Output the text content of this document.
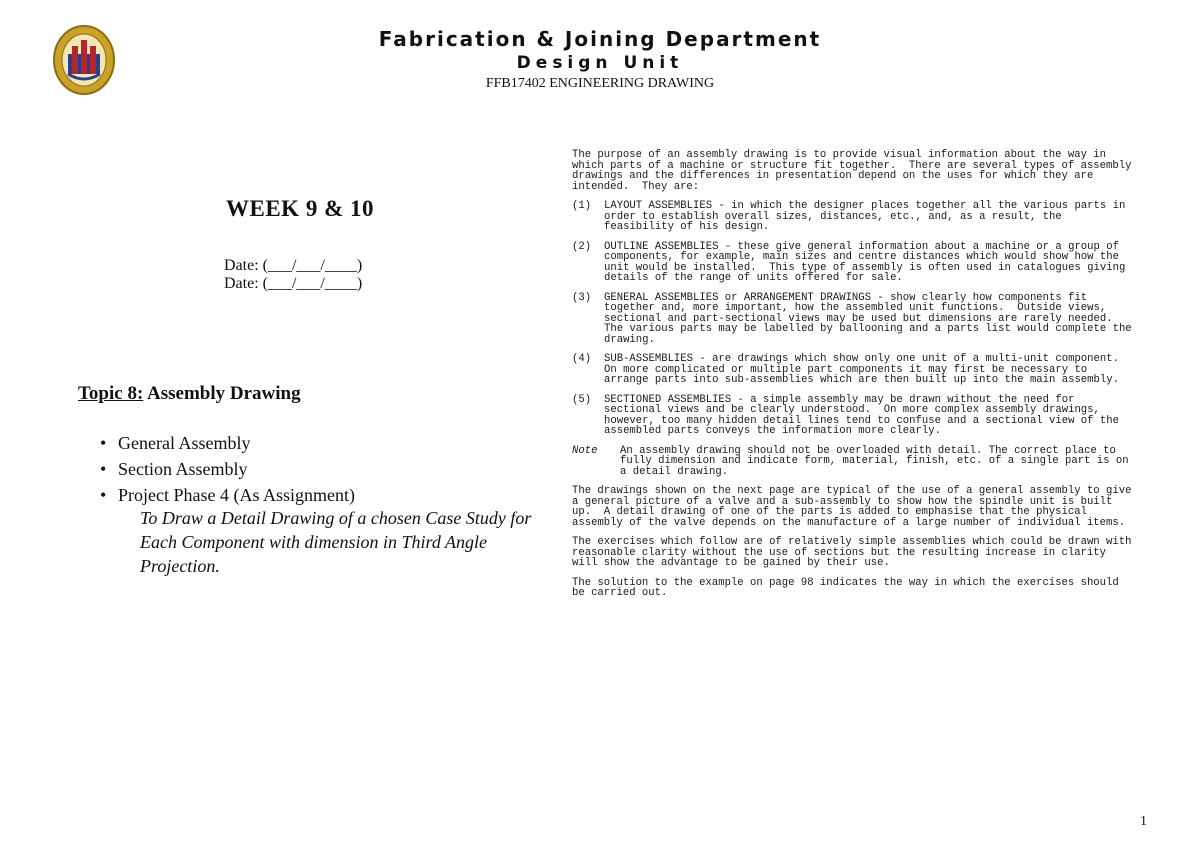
Fabrication & Joining Department
Design Unit
FFB17402 ENGINEERING DRAWING
WEEK 9 & 10
Date: (___/___/____)
Date: (___/___/____)
Topic 8: Assembly Drawing
• General Assembly
• Section Assembly
• Project Phase 4 (As Assignment)
To Draw a Detail Drawing of a chosen Case Study for Each Component with dimension in Third Angle Projection.

The purpose of an assembly drawing is to provide visual information about the way in which parts of a machine or structure fit together.  There are several types of assembly drawings and the differences in presentation depend on the uses for which they are intended.  They are:

(1)	LAYOUT ASSEMBLIES - in which the designer places together all the various parts in order to establish overall sizes, distances, etc., and, as a result, the feasibility of his design.
(2)	OUTLINE ASSEMBLIES - these give general information about a machine or a group of components, for example, main sizes and centre distances which would show how the unit would be installed.  This type of assembly is often used in catalogues giving details of the range of units offered for sale.
(3)	GENERAL ASSEMBLIES or ARRANGEMENT DRAWINGS - show clearly how components fit together and, more important, how the assembled unit functions.  Outside views, sectional and part-sectional views may be used but dimensions are rarely needed.  The various parts may be labelled by ballooning and a parts list would complete the drawing.
(4)	SUB-ASSEMBLIES - are drawings which show only one unit of a multi-unit component.  On more complicated or multiple part components it may first be necessary to arrange parts into sub-assemblies which are then built up into the main assembly.
(5)	SECTIONED ASSEMBLIES - a simple assembly may be drawn without the need for sectional views and be clearly understood.  On more complex assembly drawings, however, too many hidden detail lines tend to confuse and a sectional view of the assembled parts conveys the information more clearly.
Note	An assembly drawing should not be overloaded with detail. The correct place to fully dimension and indicate form, material, finish, etc. of a single part is on a detail drawing.

The drawings shown on the next page are typical of the use of a general assembly to give a general picture of a valve and a sub-assembly to show how the spindle unit is built up.  A detail drawing of one of the parts is added to emphasise that the physical assembly of the valve depends on the manufacture of a large number of individual items.

The exercises which follow are of relatively simple assemblies which could be drawn with reasonable clarity without the use of sections but the resulting increase in clarity will show the advantage to be gained by their use.

The solution to the example on page 98 indicates the way in which the exercises should be carried out.

1
